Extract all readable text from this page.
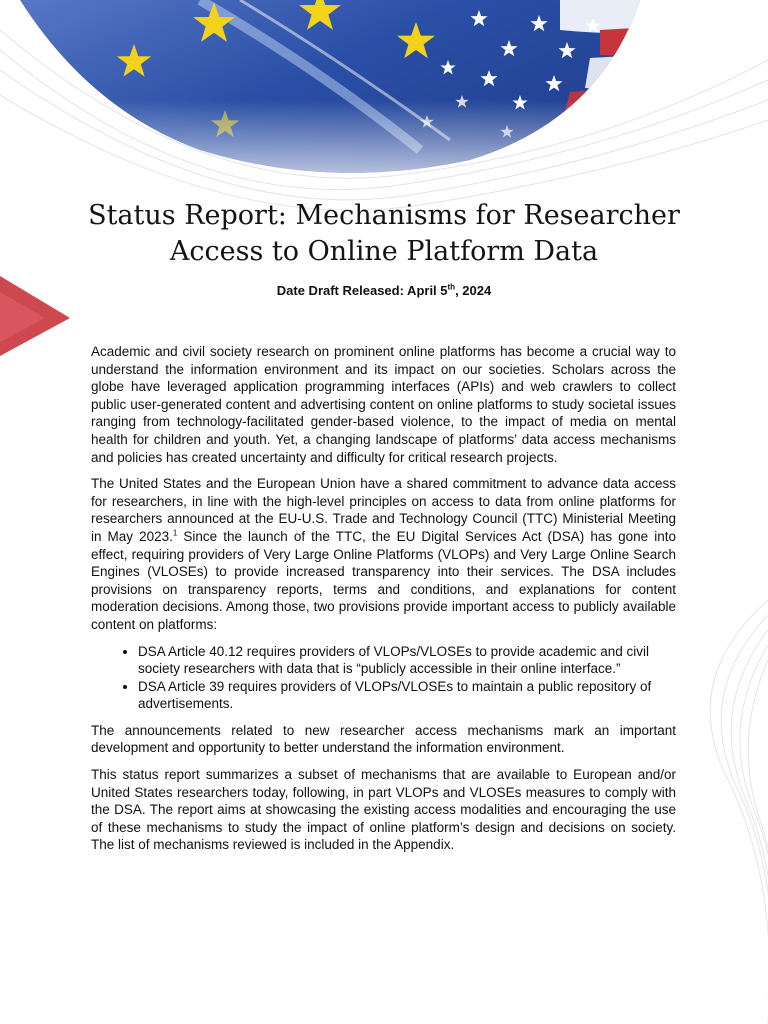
Status Report: Mechanisms for Researcher Access to Online Platform Data
Date Draft Released: April 5th, 2024

Academic and civil society research on prominent online platforms has become a crucial way to understand the information environment and its impact on our societies. Scholars across the globe have leveraged application programming interfaces (APIs) and web crawlers to collect public user-generated content and advertising content on online platforms to study societal issues ranging from technology-facilitated gender-based violence, to the impact of media on mental health for children and youth. Yet, a changing landscape of platforms’ data access mechanisms and policies has created uncertainty and difficulty for critical research projects.

The United States and the European Union have a shared commitment to advance data access for researchers, in line with the high-level principles on access to data from online platforms for researchers announced at the EU-U.S. Trade and Technology Council (TTC) Ministerial Meeting in May 2023.$^1$ Since the launch of the TTC, the EU Digital Services Act (DSA) has gone into effect, requiring providers of Very Large Online Platforms (VLOPs) and Very Large Online Search Engines (VLOSEs) to provide increased transparency into their services. The DSA includes provisions on transparency reports, terms and conditions, and explanations for content moderation decisions. Among those, two provisions provide important access to publicly available content on platforms:

• DSA Article 40.12 requires providers of VLOPs/VLOSEs to provide academic and civil society researchers with data that is “publicly accessible in their online interface.”
• DSA Article 39 requires providers of VLOPs/VLOSEs to maintain a public repository of advertisements.

The announcements related to new researcher access mechanisms mark an important development and opportunity to better understand the information environment.

This status report summarizes a subset of mechanisms that are available to European and/or United States researchers today, following, in part VLOPs and VLOSEs measures to comply with the DSA. The report aims at showcasing the existing access modalities and encouraging the use of these mechanisms to study the impact of online platform’s design and decisions on society. The list of mechanisms reviewed is included in the Appendix.
